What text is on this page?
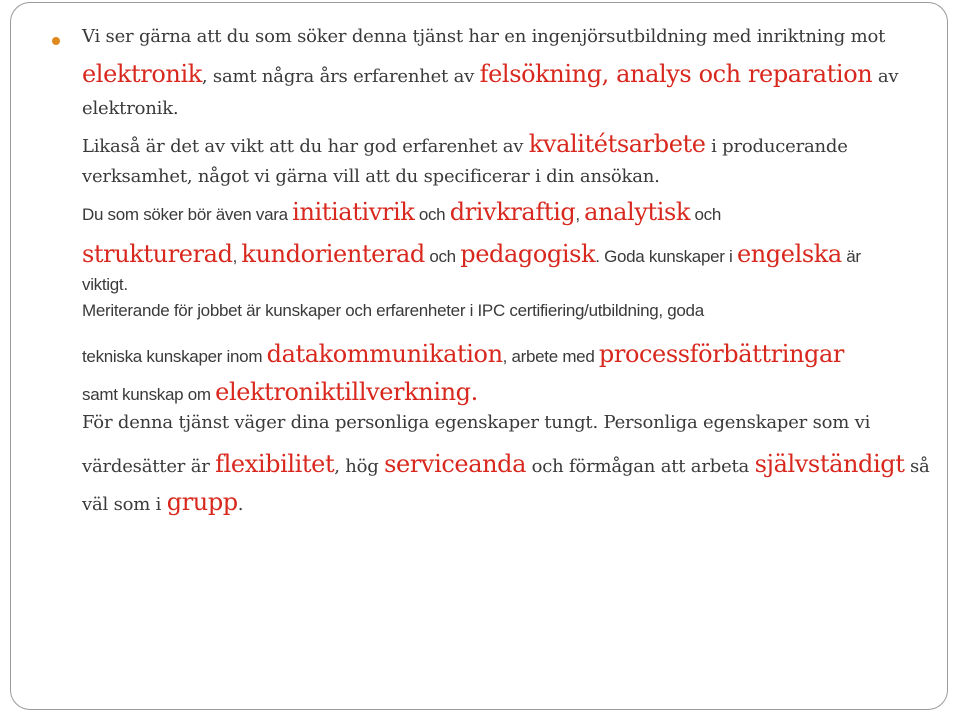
Vi ser gärna att du som söker denna tjänst har en ingenjörsutbildning med inriktning mot
elektronik, samt några års erfarenhet av felsökning, analys och reparation av
elektronik.
Likaså är det av vikt att du har god erfarenhet av kvalitétsarbete i producerande
verksamhet, något vi gärna vill att du specificerar i din ansökan.
Du som söker bör även vara initiativrik och drivkraftig, analytisk och
strukturerad, kundorienterad och pedagogisk. Goda kunskaper i engelska är
viktigt.
Meriterande för jobbet är kunskaper och erfarenheter i IPC certifiering/utbildning, goda
tekniska kunskaper inom datakommunikation, arbete med processförbättringar
samt kunskap om elektroniktillverkning.
För denna tjänst väger dina personliga egenskaper tungt. Personliga egenskaper som vi
värdesätter är flexibilitet, hög serviceanda och förmågan att arbeta självständigt så
väl som i grupp.
